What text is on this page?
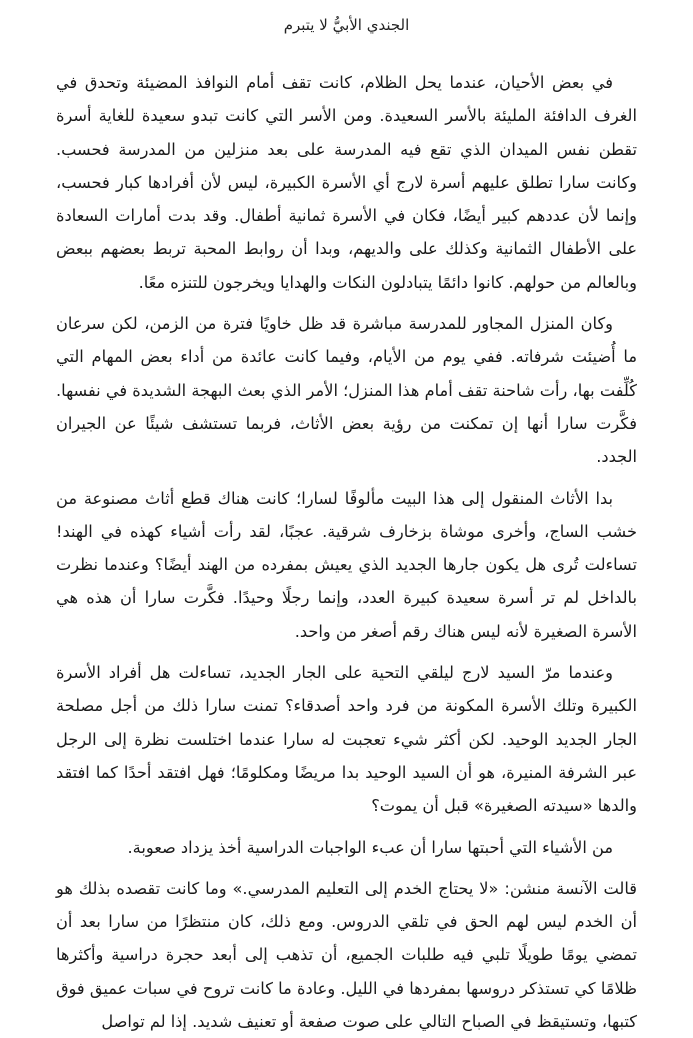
الجندي الأبيُّ لا يتبرم

في بعض الأحيان، عندما يحل الظلام، كانت تقف أمام النوافذ المضيئة وتحدق في الغرف الدافئة المليئة بالأسر السعيدة. ومن الأسر التي كانت تبدو سعيدة للغاية أسرة تقطن نفس الميدان الذي تقع فيه المدرسة على بعد منزلين من المدرسة فحسب. وكانت سارا تطلق عليهم أسرة لارج أي الأسرة الكبيرة، ليس لأن أفرادها كبار فحسب، وإنما لأن عددهم كبير أيضًا، فكان في الأسرة ثمانية أطفال. وقد بدت أمارات السعادة على الأطفال الثمانية وكذلك على والديهم، وبدا أن روابط المحبة تربط بعضهم ببعض وبالعالم من حولهم. كانوا دائمًا يتبادلون النكات والهدايا ويخرجون للتنزه معًا.

وكان المنزل المجاور للمدرسة مباشرة قد ظل خاويًا فترة من الزمن، لكن سرعان ما أُضيئت شرفاته. ففي يوم من الأيام، وفيما كانت عائدة من أداء بعض المهام التي كُلِّفت بها، رأت شاحنة تقف أمام هذا المنزل؛ الأمر الذي بعث البهجة الشديدة في نفسها. فكَّرت سارا أنها إن تمكنت من رؤية بعض الأثاث، فربما تستشف شيئًا عن الجيران الجدد.

بدا الأثاث المنقول إلى هذا البيت مألوفًا لسارا؛ كانت هناك قطع أثاث مصنوعة من خشب الساج، وأخرى موشاة بزخارف شرقية. عجبًا، لقد رأت أشياء كهذه في الهند! تساءلت تُرى هل يكون جارها الجديد الذي يعيش بمفرده من الهند أيضًا؟ وعندما نظرت بالداخل لم تر أسرة سعيدة كبيرة العدد، وإنما رجلًا وحيدًا. فكَّرت سارا أن هذه هي الأسرة الصغيرة لأنه ليس هناك رقم أصغر من واحد.

وعندما مرّ السيد لارج ليلقي التحية على الجار الجديد، تساءلت هل أفراد الأسرة الكبيرة وتلك الأسرة المكونة من فرد واحد أصدقاء؟ تمنت سارا ذلك من أجل مصلحة الجار الجديد الوحيد. لكن أكثر شيء تعجبت له سارا عندما اختلست نظرة إلى الرجل عبر الشرفة المنيرة، هو أن السيد الوحيد بدا مريضًا ومكلومًا؛ فهل افتقد أحدًا كما افتقد والدها «سيدته الصغيرة» قبل أن يموت؟

من الأشياء التي أحبتها سارا أن عبء الواجبات الدراسية أخذ يزداد صعوبة.

قالت الآنسة منشن: «لا يحتاج الخدم إلى التعليم المدرسي.» وما كانت تقصده بذلك هو أن الخدم ليس لهم الحق في تلقي الدروس. ومع ذلك، كان منتظرًا من سارا بعد أن تمضي يومًا طويلًا تلبي فيه طلبات الجميع، أن تذهب إلى أبعد حجرة دراسية وأكثرها ظلامًا كي تستذكر دروسها بمفردها في الليل. وعادة ما كانت تروح في سبات عميق فوق كتبها، وتستيقظ في الصباح التالي على صوت صفعة أو تعنيف شديد. إذا لم تواصل
